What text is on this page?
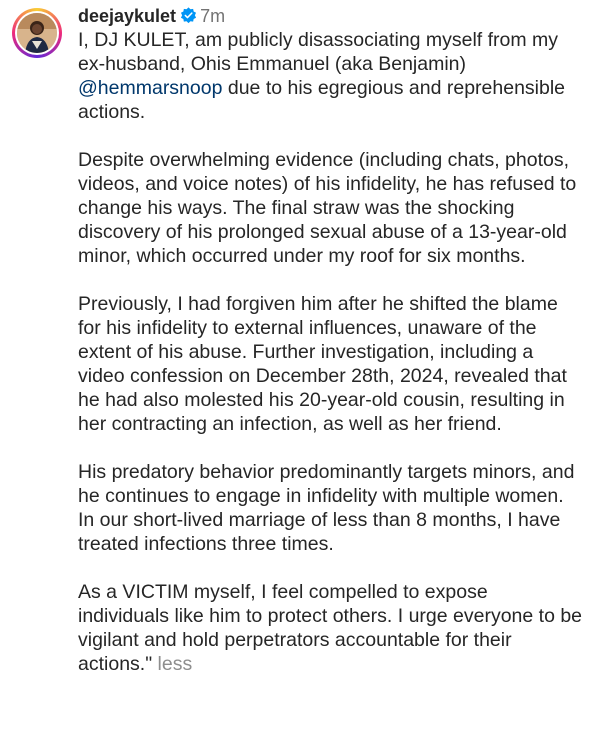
deejaykulet 7m

I, DJ KULET, am publicly disassociating myself from my ex-husband, Ohis Emmanuel (aka Benjamin) @hemmarsnoop due to his egregious and reprehensible actions.

Despite overwhelming evidence (including chats, photos, videos, and voice notes) of his infidelity, he has refused to change his ways. The final straw was the shocking discovery of his prolonged sexual abuse of a 13-year-old minor, which occurred under my roof for six months.

Previously, I had forgiven him after he shifted the blame for his infidelity to external influences, unaware of the extent of his abuse. Further investigation, including a video confession on December 28th, 2024, revealed that he had also molested his 20-year-old cousin, resulting in her contracting an infection, as well as her friend.

His predatory behavior predominantly targets minors, and he continues to engage in infidelity with multiple women. In our short-lived marriage of less than 8 months, I have treated infections three times.

As a VICTIM myself, I feel compelled to expose individuals like him to protect others. I urge everyone to be vigilant and hold perpetrators accountable for their actions." less
